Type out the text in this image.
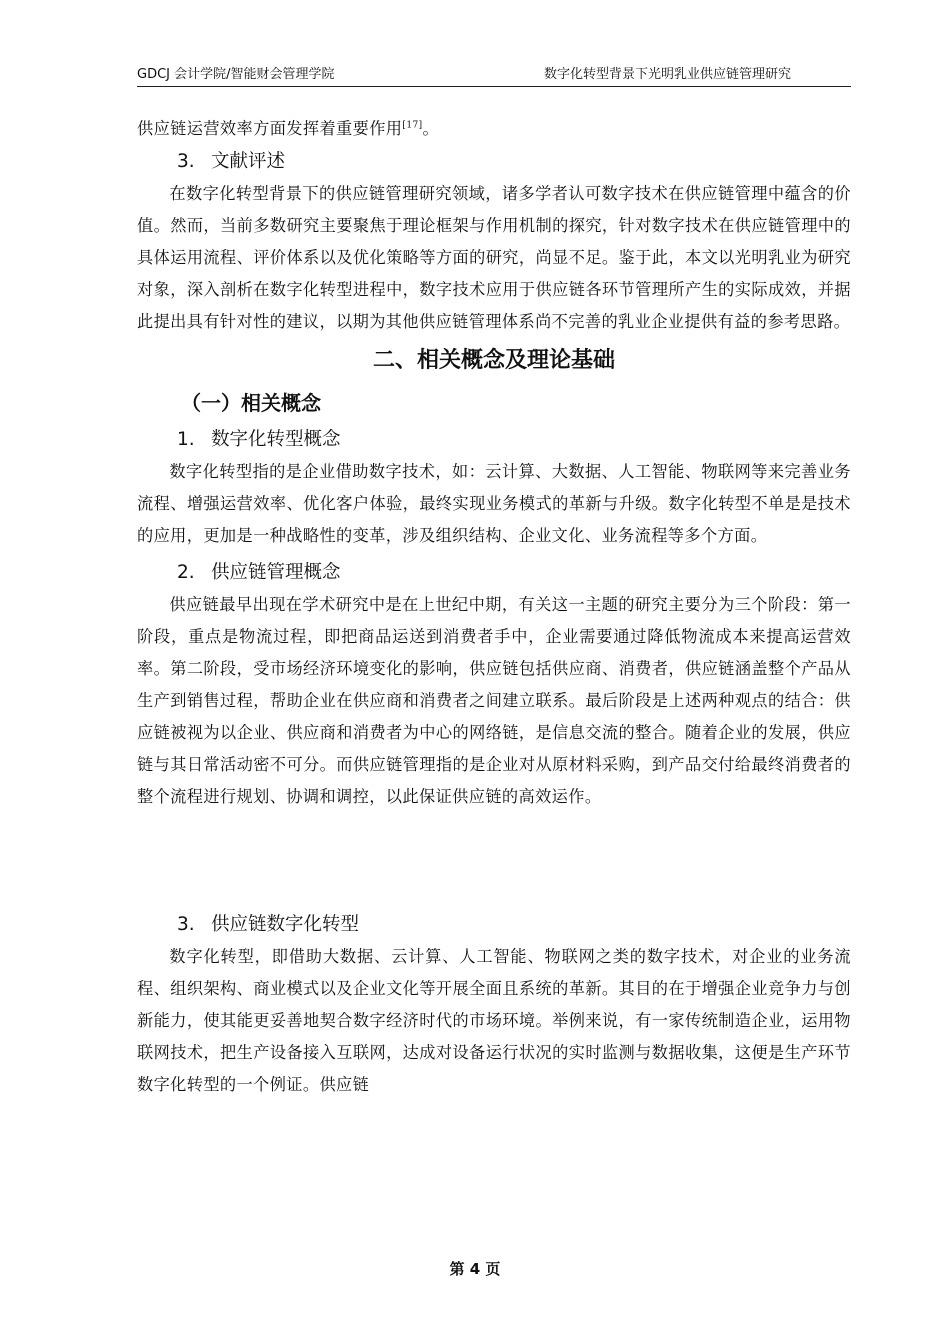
GDCJ 会计学院/智能财会管理学院	数字化转型背景下光明乳业供应链管理研究

供应链运营效率方面发挥着重要作用[17]。

3. 文献评述

在数字化转型背景下的供应链管理研究领域，诸多学者认可数字技术在供应链管理中蕴含的价值。然而，当前多数研究主要聚焦于理论框架与作用机制的探究，针对数字技术在供应链管理中的具体运用流程、评价体系以及优化策略等方面的研究，尚显不足。鉴于此，本文以光明乳业为研究对象，深入剖析在数字化转型进程中，数字技术应用于供应链各环节管理所产生的实际成效，并据此提出具有针对性的建议，以期为其他供应链管理体系尚不完善的乳业企业提供有益的参考思路。

二、相关概念及理论基础
（一）相关概念
1. 数字化转型概念

数字化转型指的是企业借助数字技术，如：云计算、大数据、人工智能、物联网等来完善业务流程、增强运营效率、优化客户体验，最终实现业务模式的革新与升级。数字化转型不单是是技术的应用，更加是一种战略性的变革，涉及组织结构、企业文化、业务流程等多个方面。

2. 供应链管理概念

供应链最早出现在学术研究中是在上世纪中期，有关这一主题的研究主要分为三个阶段：第一阶段，重点是物流过程，即把商品运送到消费者手中，企业需要通过降低物流成本来提高运营效率。第二阶段，受市场经济环境变化的影响，供应链包括供应商、消费者，供应链涵盖整个产品从生产到销售过程，帮助企业在供应商和消费者之间建立联系。最后阶段是上述两种观点的结合：供应链被视为以企业、供应商和消费者为中心的网络链，是信息交流的整合。随着企业的发展，供应链与其日常活动密不可分。而供应链管理指的是企业对从原材料采购，到产品交付给最终消费者的整个流程进行规划、协调和调控，以此保证供应链的高效运作。

3. 供应链数字化转型

数字化转型，即借助大数据、云计算、人工智能、物联网之类的数字技术，对企业的业务流程、组织架构、商业模式以及企业文化等开展全面且系统的革新。其目的在于增强企业竞争力与创新能力，使其能更妥善地契合数字经济时代的市场环境。举例来说，有一家传统制造企业，运用物联网技术，把生产设备接入互联网，达成对设备运行状况的实时监测与数据收集，这便是生产环节数字化转型的一个例证。供应链

第 4 页
